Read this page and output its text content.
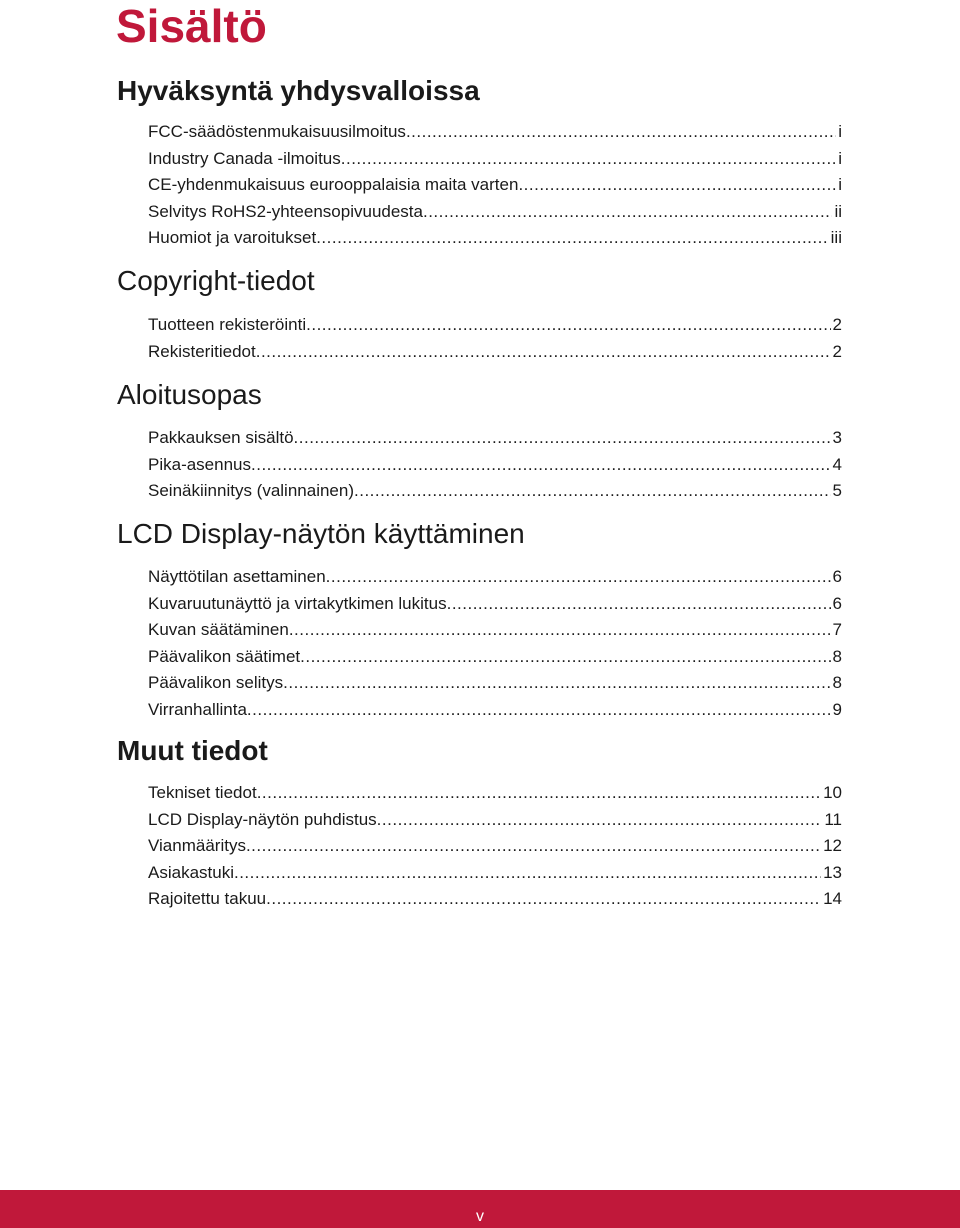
Sisältö
Hyväksyntä yhdysvalloissa
FCC-säädöstenmukaisuusilmoitus .....	i
Industry Canada -ilmoitus .....	i
CE-yhdenmukaisuus eurooppalaisia maita varten .....	i
Selvitys RoHS2-yhteensopivuudesta .....	ii
Huomiot ja varoitukset .....	iii
Copyright-tiedot
Tuotteen rekisteröinti .....	2
Rekisteritiedot .....	2
Aloitusopas
Pakkauksen sisältö .....	3
Pika-asennus .....	4
Seinäkiinnitys (valinnainen) .....	5
LCD Display-näytön käyttäminen
Näyttötilan asettaminen .....	6
Kuvaruutunäyttö ja virtakytkimen lukitus .....	6
Kuvan säätäminen .....	7
Päävalikon säätimet .....	8
Päävalikon selitys .....	8
Virranhallinta .....	9
Muut tiedot
Tekniset tiedot .....	10
LCD Display-näytön puhdistus .....	11
Vianmääritys .....	12
Asiakastuki .....	13
Rajoitettu takuu .....	14
v
